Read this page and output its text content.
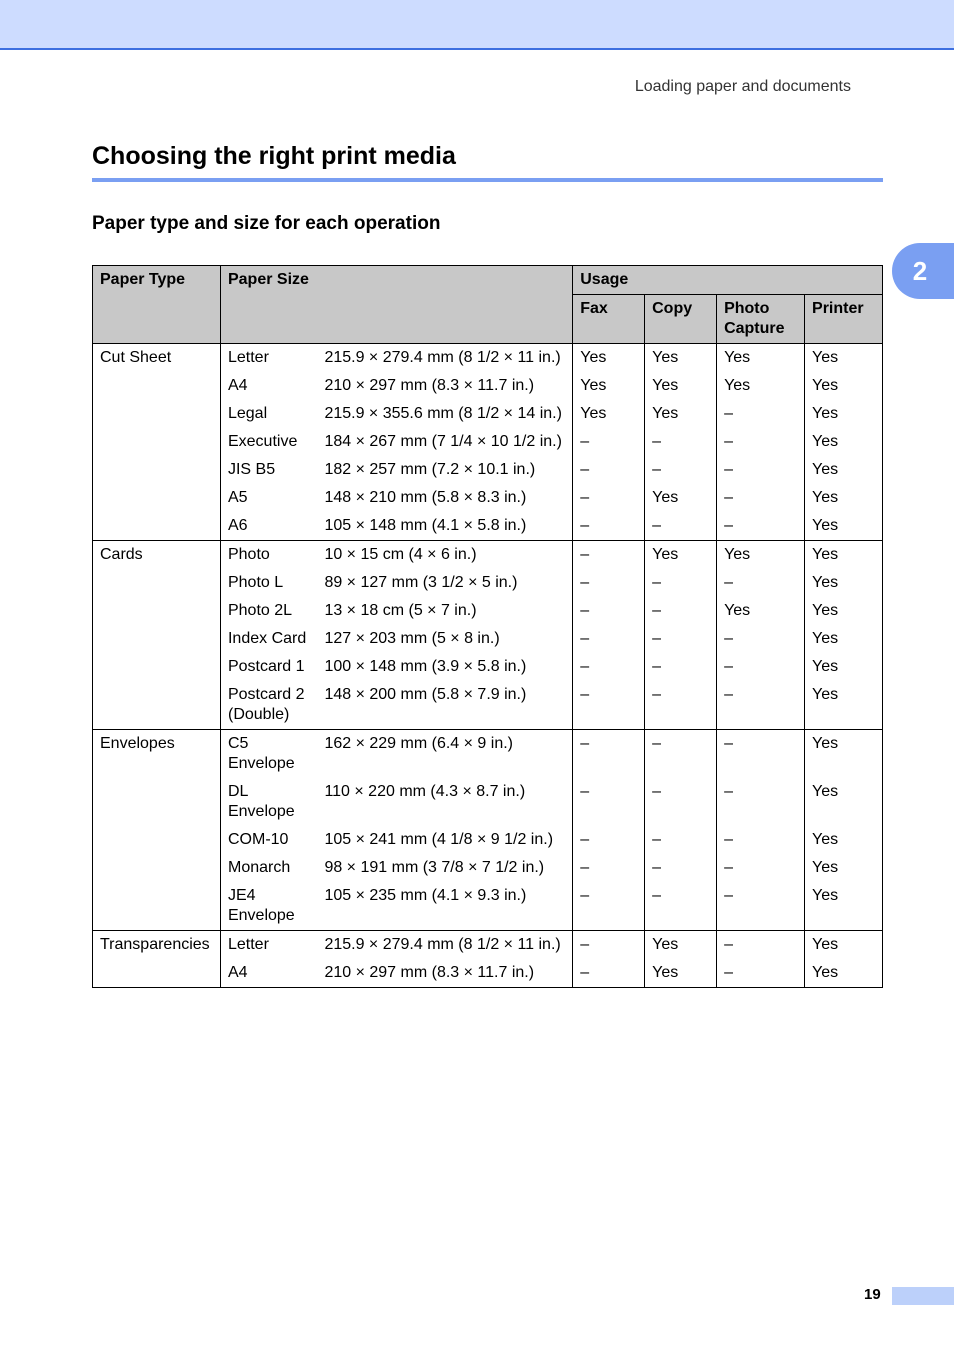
Loading paper and documents
Choosing the right print media
Paper type and size for each operation
2
Paper Type	Paper Size		Usage			
			Fax	Copy	Photo Capture	Printer
Cut Sheet	Letter	215.9 × 279.4 mm (8 1/2 × 11 in.)	Yes	Yes	Yes	Yes
	A4	210 × 297 mm (8.3 × 11.7 in.)	Yes	Yes	Yes	Yes
	Legal	215.9 × 355.6 mm (8 1/2 × 14 in.)	Yes	Yes	–	Yes
	Executive	184 × 267 mm (7 1/4 × 10 1/2 in.)	–	–	–	Yes
	JIS B5	182 × 257 mm (7.2 × 10.1 in.)	–	–	–	Yes
	A5	148 × 210 mm (5.8 × 8.3 in.)	–	Yes	–	Yes
	A6	105 × 148 mm (4.1 × 5.8 in.)	–	–	–	Yes
Cards	Photo	10 × 15 cm (4 × 6 in.)	–	Yes	Yes	Yes
	Photo L	89 × 127 mm (3 1/2 × 5 in.)	–	–	–	Yes
	Photo 2L	13 × 18 cm (5 × 7 in.)	–	–	Yes	Yes
	Index Card	127 × 203 mm (5 × 8 in.)	–	–	–	Yes
	Postcard 1	100 × 148 mm (3.9 × 5.8 in.)	–	–	–	Yes
	Postcard 2 (Double)	148 × 200 mm (5.8 × 7.9 in.)	–	–	–	Yes
Envelopes	C5 Envelope	162 × 229 mm (6.4 × 9 in.)	–	–	–	Yes
	DL Envelope	110 × 220 mm (4.3 × 8.7 in.)	–	–	–	Yes
	COM-10	105 × 241 mm (4 1/8 × 9 1/2 in.)	–	–	–	Yes
	Monarch	98 × 191 mm (3 7/8 × 7 1/2 in.)	–	–	–	Yes
	JE4 Envelope	105 × 235 mm (4.1 × 9.3 in.)	–	–	–	Yes
Transparencies	Letter	215.9 × 279.4 mm (8 1/2 × 11 in.)	–	Yes	–	Yes
	A4	210 × 297 mm (8.3 × 11.7 in.)	–	Yes	–	Yes
19
